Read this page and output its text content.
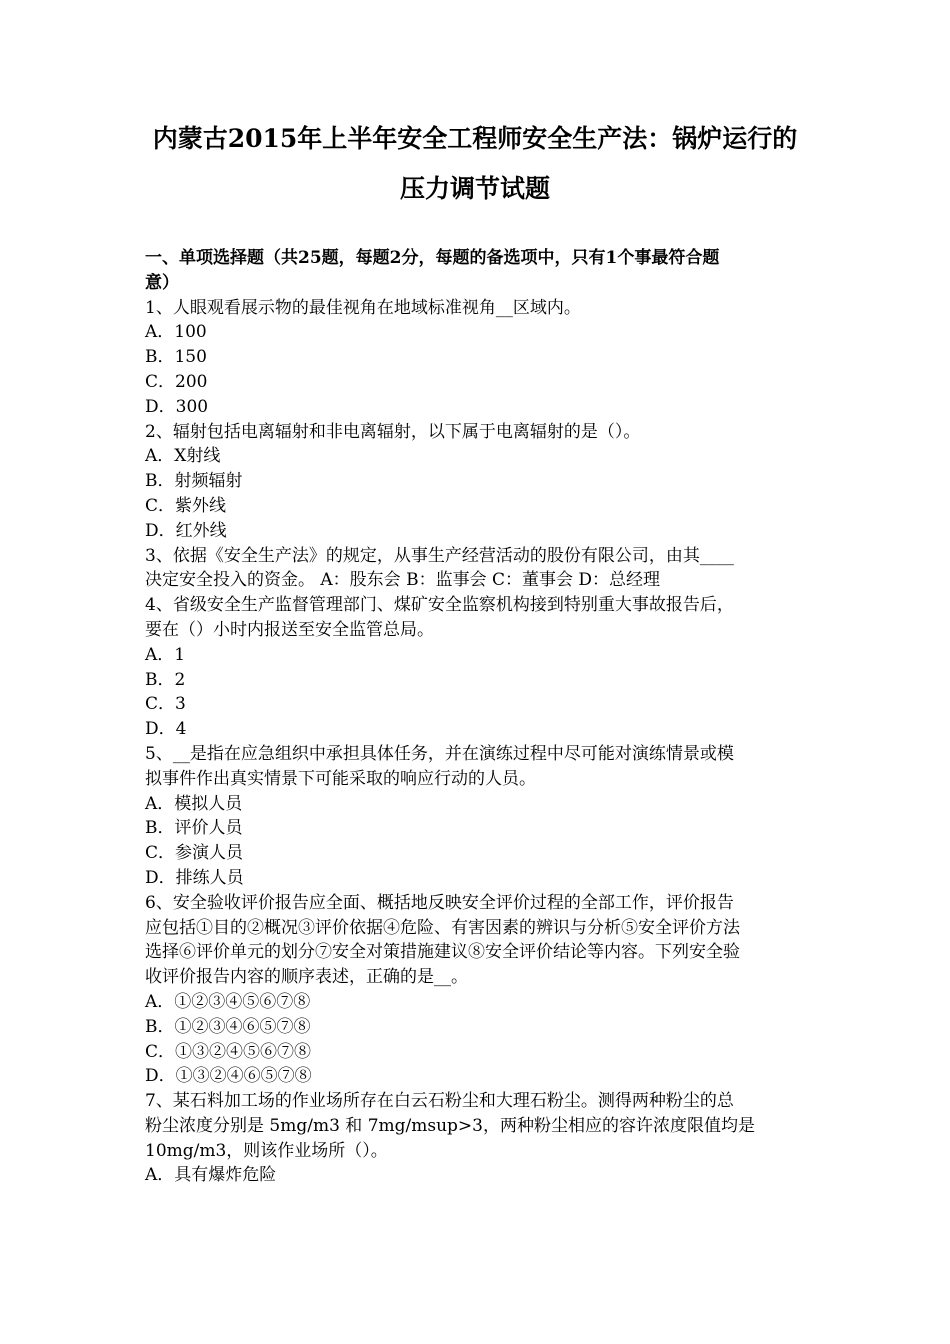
内蒙古2015年上半年安全工程师安全生产法：锅炉运行的
压力调节试题
一、单项选择题（共25题，每题2分，每题的备选项中，只有1个事最符合题
意）
1、人眼观看展示物的最佳视角在地域标准视角__区域内。
A．100
B．150
C．200
D．300
2、辐射包括电离辐射和非电离辐射，以下属于电离辐射的是（）。
A．X射线
B．射频辐射
C．紫外线
D．红外线
3、依据《安全生产法》的规定，从事生产经营活动的股份有限公司，由其____
决定安全投入的资金。 A：股东会 B：监事会 C：董事会 D：总经理
4、省级安全生产监督管理部门、煤矿安全监察机构接到特别重大事故报告后，
要在（）小时内报送至安全监管总局。
A．1
B．2
C．3
D．4
5、__是指在应急组织中承担具体任务，并在演练过程中尽可能对演练情景或模
拟事件作出真实情景下可能采取的响应行动的人员。
A．模拟人员
B．评价人员
C．参演人员
D．排练人员
6、安全验收评价报告应全面、概括地反映安全评价过程的全部工作，评价报告
应包括①目的②概况③评价依据④危险、有害因素的辨识与分析⑤安全评价方法
选择⑥评价单元的划分⑦安全对策措施建议⑧安全评价结论等内容。下列安全验
收评价报告内容的顺序表述，正确的是__。
A．①②③④⑤⑥⑦⑧
B．①②③④⑥⑤⑦⑧
C．①③②④⑤⑥⑦⑧
D．①③②④⑥⑤⑦⑧
7、某石料加工场的作业场所存在白云石粉尘和大理石粉尘。测得两种粉尘的总
粉尘浓度分别是 5mg/m3 和 7mg/msup>3，两种粉尘相应的容许浓度限值均是
10mg/m3，则该作业场所（）。
A．具有爆炸危险
